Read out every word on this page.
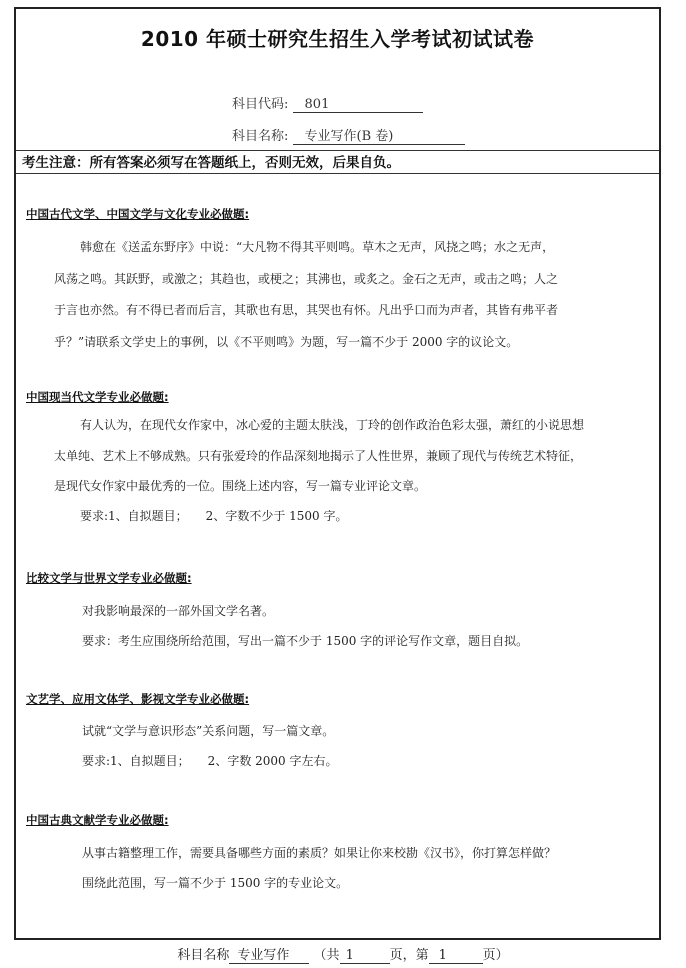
2010 年硕士研究生招生入学考试初试试卷
科目代码: 801
科目名称: 专业写作(B 卷)
考生注意：所有答案必须写在答题纸上，否则无效，后果自负。
中国古代文学、中国文学与文化专业必做题:
韩愈在《送孟东野序》中说：“大凡物不得其平则鸣。草木之无声，风挠之鸣；水之无声，
风荡之鸣。其跃野，或激之；其趋也，或梗之；其沸也，或炙之。金石之无声，或击之鸣；人之
于言也亦然。有不得已者而后言，其歌也有思，其哭也有怀。凡出乎口而为声者，其皆有弗平者
乎？”请联系文学史上的事例，以《不平则鸣》为题，写一篇不少于 2000 字的议论文。
中国现当代文学专业必做题:
有人认为，在现代女作家中，冰心爱的主题太肤浅，丁玲的创作政治色彩太强，萧红的小说思想
太单纯、艺术上不够成熟。只有张爱玲的作品深刻地揭示了人性世界，兼顾了现代与传统艺术特征，
是现代女作家中最优秀的一位。围绕上述内容，写一篇专业评论文章。
要求:1、自拟题目；　　2、字数不少于 1500 字。
比较文学与世界文学专业必做题:
对我影响最深的一部外国文学名著。
要求：考生应围绕所给范围，写出一篇不少于 1500 字的评论写作文章，题目自拟。
文艺学、应用文体学、影视文学专业必做题:
试就“文学与意识形态”关系问题，写一篇文章。
要求:1、自拟题目；　　2、字数 2000 字左右。
中国古典文献学专业必做题:
从事古籍整理工作，需要具备哪些方面的素质？如果让你来校勘《汉书》，你打算怎样做？
围绕此范围，写一篇不少于 1500 字的专业论文。
科目名称 专业写作 （共 1	页，第 1	页）
